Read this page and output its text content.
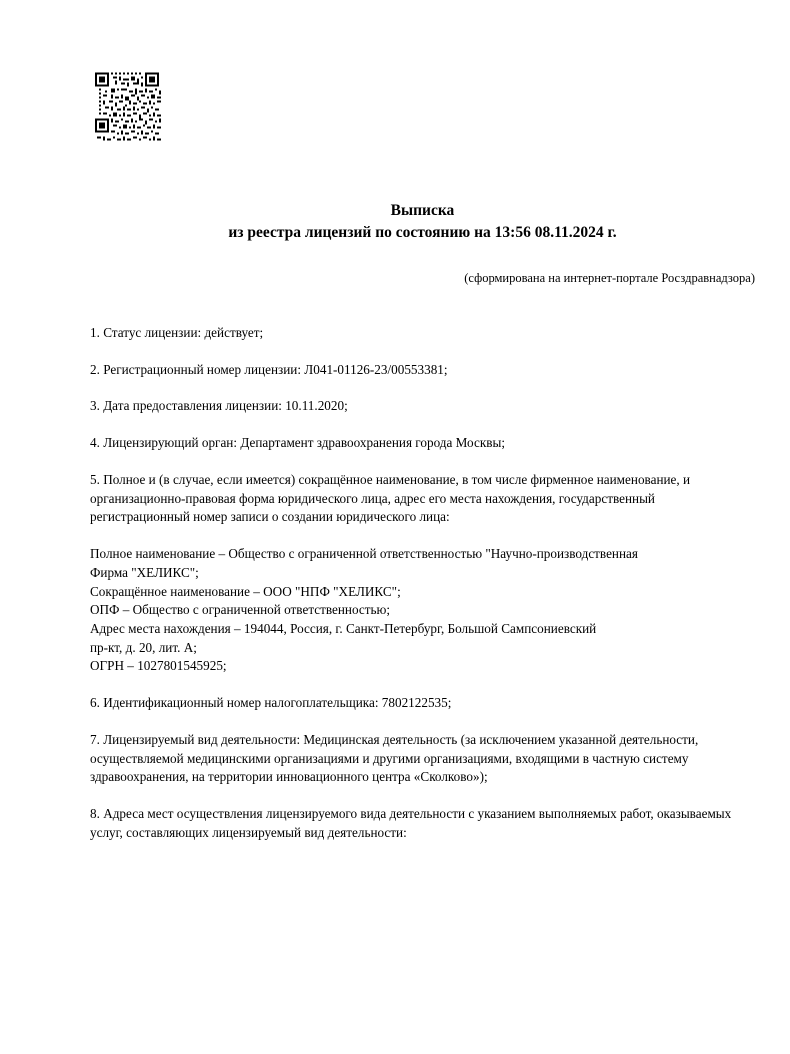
Выписка
из реестра лицензий по состоянию на 13:56 08.11.2024 г.
(сформирована на интернет-портале Росздравнадзора)

1. Статус лицензии: действует;

2. Регистрационный номер лицензии: Л041-01126-23/00553381;

3. Дата предоставления лицензии: 10.11.2020;

4. Лицензирующий орган: Департамент здравоохранения города Москвы;

5. Полное и (в случае, если имеется) сокращённое наименование, в том числе фирменное наименование, и организационно-правовая форма юридического лица, адрес его места нахождения, государственный регистрационный номер записи о создании юридического лица:

Полное наименование – Общество с ограниченной ответственностью "Научно-производственная
Фирма "ХЕЛИКС";
Сокращённое наименование – ООО "НПФ "ХЕЛИКС";
ОПФ – Общество с ограниченной ответственностью;
Адрес места нахождения – 194044, Россия, г. Санкт-Петербург, Большой Сампсониевский
пр-кт, д. 20, лит. А;
ОГРН – 1027801545925;

6. Идентификационный номер налогоплательщика: 7802122535;

7. Лицензируемый вид деятельности: Медицинская деятельность (за исключением указанной деятельности, осуществляемой медицинскими организациями и другими организациями, входящими в частную систему здравоохранения, на территории инновационного центра «Сколково»);

8. Адреса мест осуществления лицензируемого вида деятельности с указанием выполняемых работ, оказываемых услуг, составляющих лицензируемый вид деятельности:
